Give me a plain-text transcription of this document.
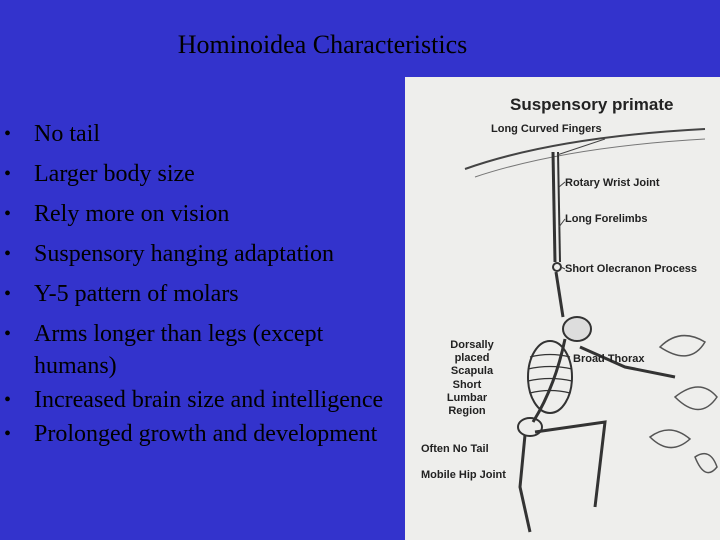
Hominoidea Characteristics
• No tail
• Larger body size
• Rely more on vision
• Suspensory hanging adaptation
• Y-5 pattern of molars
• Arms longer than legs (except humans)
• Increased brain size and intelligence
• Prolonged growth and development
Suspensory primate
Long Curved Fingers
Rotary Wrist Joint
Long Forelimbs
Short Olecranon Process
Dorsally placed Scapula
Broad Thorax
Short Lumbar Region
Often No Tail
Mobile Hip Joint
